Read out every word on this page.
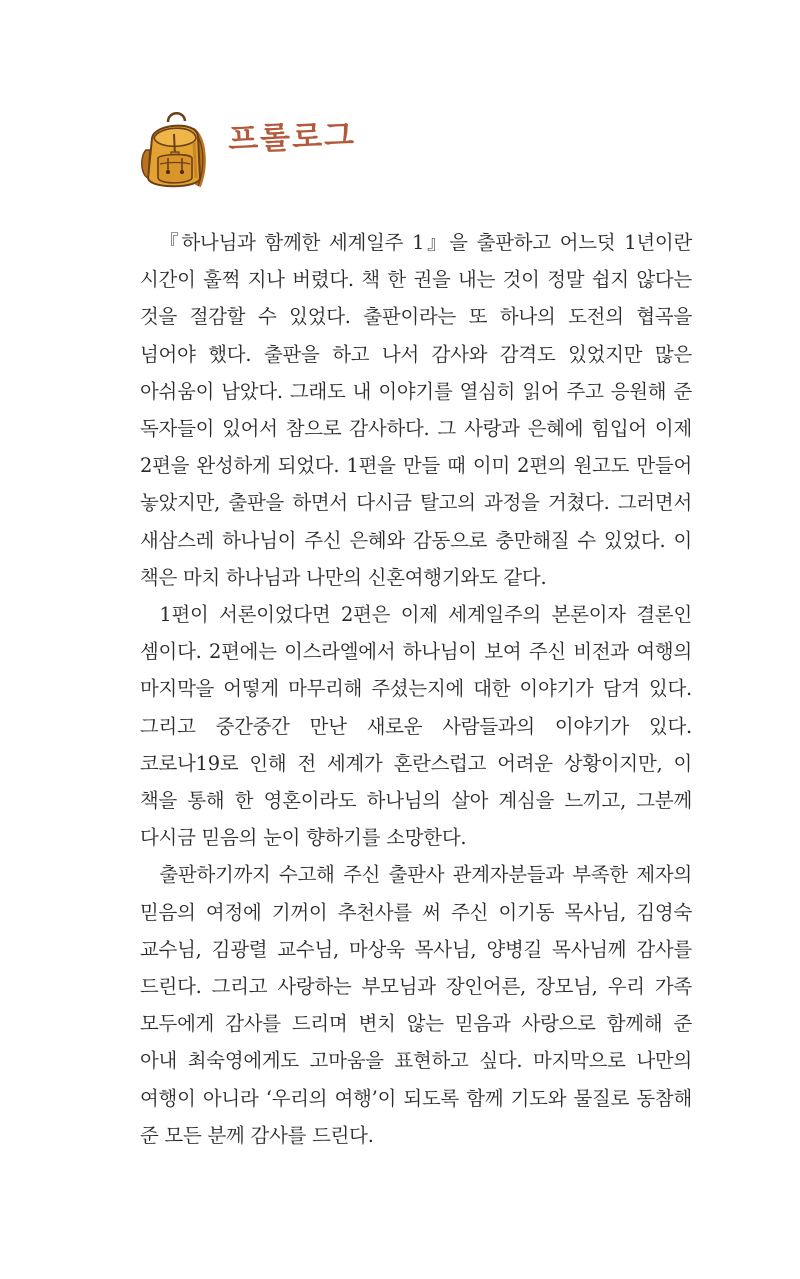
프롤로그

『하나님과 함께한 세계일주 1』을 출판하고 어느덧 1년이란 시간이 훌쩍 지나 버렸다. 책 한 권을 내는 것이 정말 쉽지 않다는 것을 절감할 수 있었다. 출판이라는 또 하나의 도전의 협곡을 넘어야 했다. 출판을 하고 나서 감사와 감격도 있었지만 많은 아쉬움이 남았다. 그래도 내 이야기를 열심히 읽어 주고 응원해 준 독자들이 있어서 참으로 감사하다. 그 사랑과 은혜에 힘입어 이제 2편을 완성하게 되었다. 1편을 만들 때 이미 2편의 원고도 만들어 놓았지만, 출판을 하면서 다시금 탈고의 과정을 거쳤다. 그러면서 새삼스레 하나님이 주신 은혜와 감동으로 충만해질 수 있었다. 이 책은 마치 하나님과 나만의 신혼여행기와도 같다.

1편이 서론이었다면 2편은 이제 세계일주의 본론이자 결론인 셈이다. 2편에는 이스라엘에서 하나님이 보여 주신 비전과 여행의 마지막을 어떻게 마무리해 주셨는지에 대한 이야기가 담겨 있다. 그리고 중간중간 만난 새로운 사람들과의 이야기가 있다. 코로나19로 인해 전 세계가 혼란스럽고 어려운 상황이지만, 이 책을 통해 한 영혼이라도 하나님의 살아 계심을 느끼고, 그분께 다시금 믿음의 눈이 향하기를 소망한다.

출판하기까지 수고해 주신 출판사 관계자분들과 부족한 제자의 믿음의 여정에 기꺼이 추천사를 써 주신 이기동 목사님, 김영숙 교수님, 김광렬 교수님, 마상욱 목사님, 양병길 목사님께 감사를 드린다. 그리고 사랑하는 부모님과 장인어른, 장모님, 우리 가족 모두에게 감사를 드리며 변치 않는 믿음과 사랑으로 함께해 준 아내 최숙영에게도 고마움을 표현하고 싶다. 마지막으로 나만의 여행이 아니라 ‘우리의 여행’이 되도록 함께 기도와 물질로 동참해 준 모든 분께 감사를 드린다.
